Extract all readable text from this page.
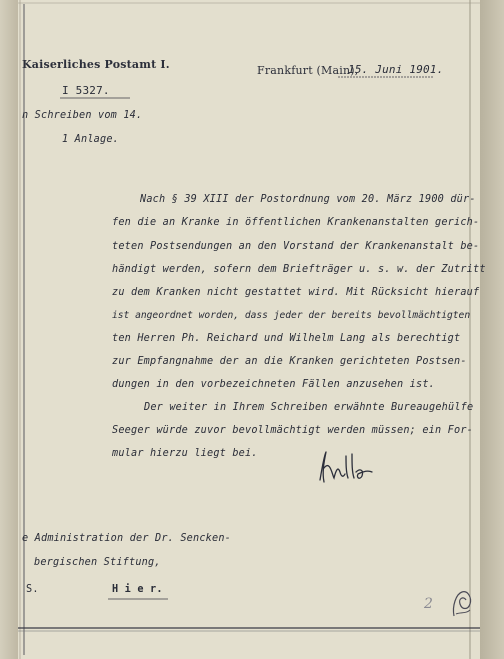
Kaiserliches Postamt I.	Frankfurt (Main),
15. Juni 1901.
I 5327.
n Schreiben vom 14.
1 Anlage.
Nach § 39 XIII der Postordnung vom 20. März 1900 dür-
fen die an Kranke in öffentlichen Krankenanstalten gerich-
teten Postsendungen an den Vorstand der Krankenanstalt be-
händigt werden, sofern dem Briefträger u. s. w. der Zutritt
zu dem Kranken nicht gestattet wird. Mit Rücksicht hierauf
ist angeordnet worden, dass jeder der bereits bevollmächtigten
ten Herren Ph. Reichard und Wilhelm Lang als berechtigt
zur Empfangnahme der an die Kranken gerichteten Postsen-
dungen in den vorbezeichneten Fällen anzusehen ist.
Der weiter in Ihrem Schreiben erwähnte Bureaugehülfe
Seeger würde zuvor bevollmächtigt werden müssen; ein For-
mular hierzu liegt bei.
e Administration der Dr. Sencken-
bergischen Stiftung,
S.	H i e r.
2
